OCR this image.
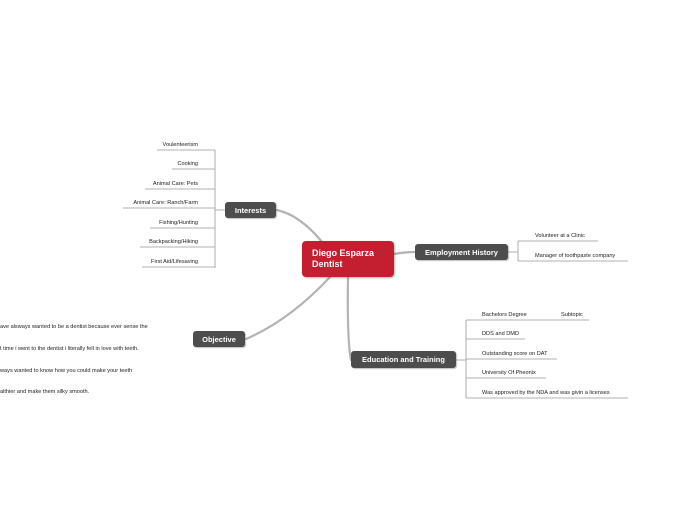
Diego Esparza
Dentist
Interests
Employment History
Objective
Education and Training
Voulenteerism
Cooking
Animal Care: Pets
Animal Care: Ranch/Farm
Fishing/Hunting
Backpacking/Hiking
First Aid/Lifesaving
Volunteer at a Clinic
Manager of toothpaste company
Bachelors Degree	Subtopic
DDS and DMD
Outstanding score on DAT
University Of Pheonix
Was approved by the NDA and was givin a licenses

ave alsways wanted to be a dentist because ever sense the

t time i went to the dentist i literally fell in love with teeth.

ways wanted to know how you could make your teeth

althier and make them silky smooth.
